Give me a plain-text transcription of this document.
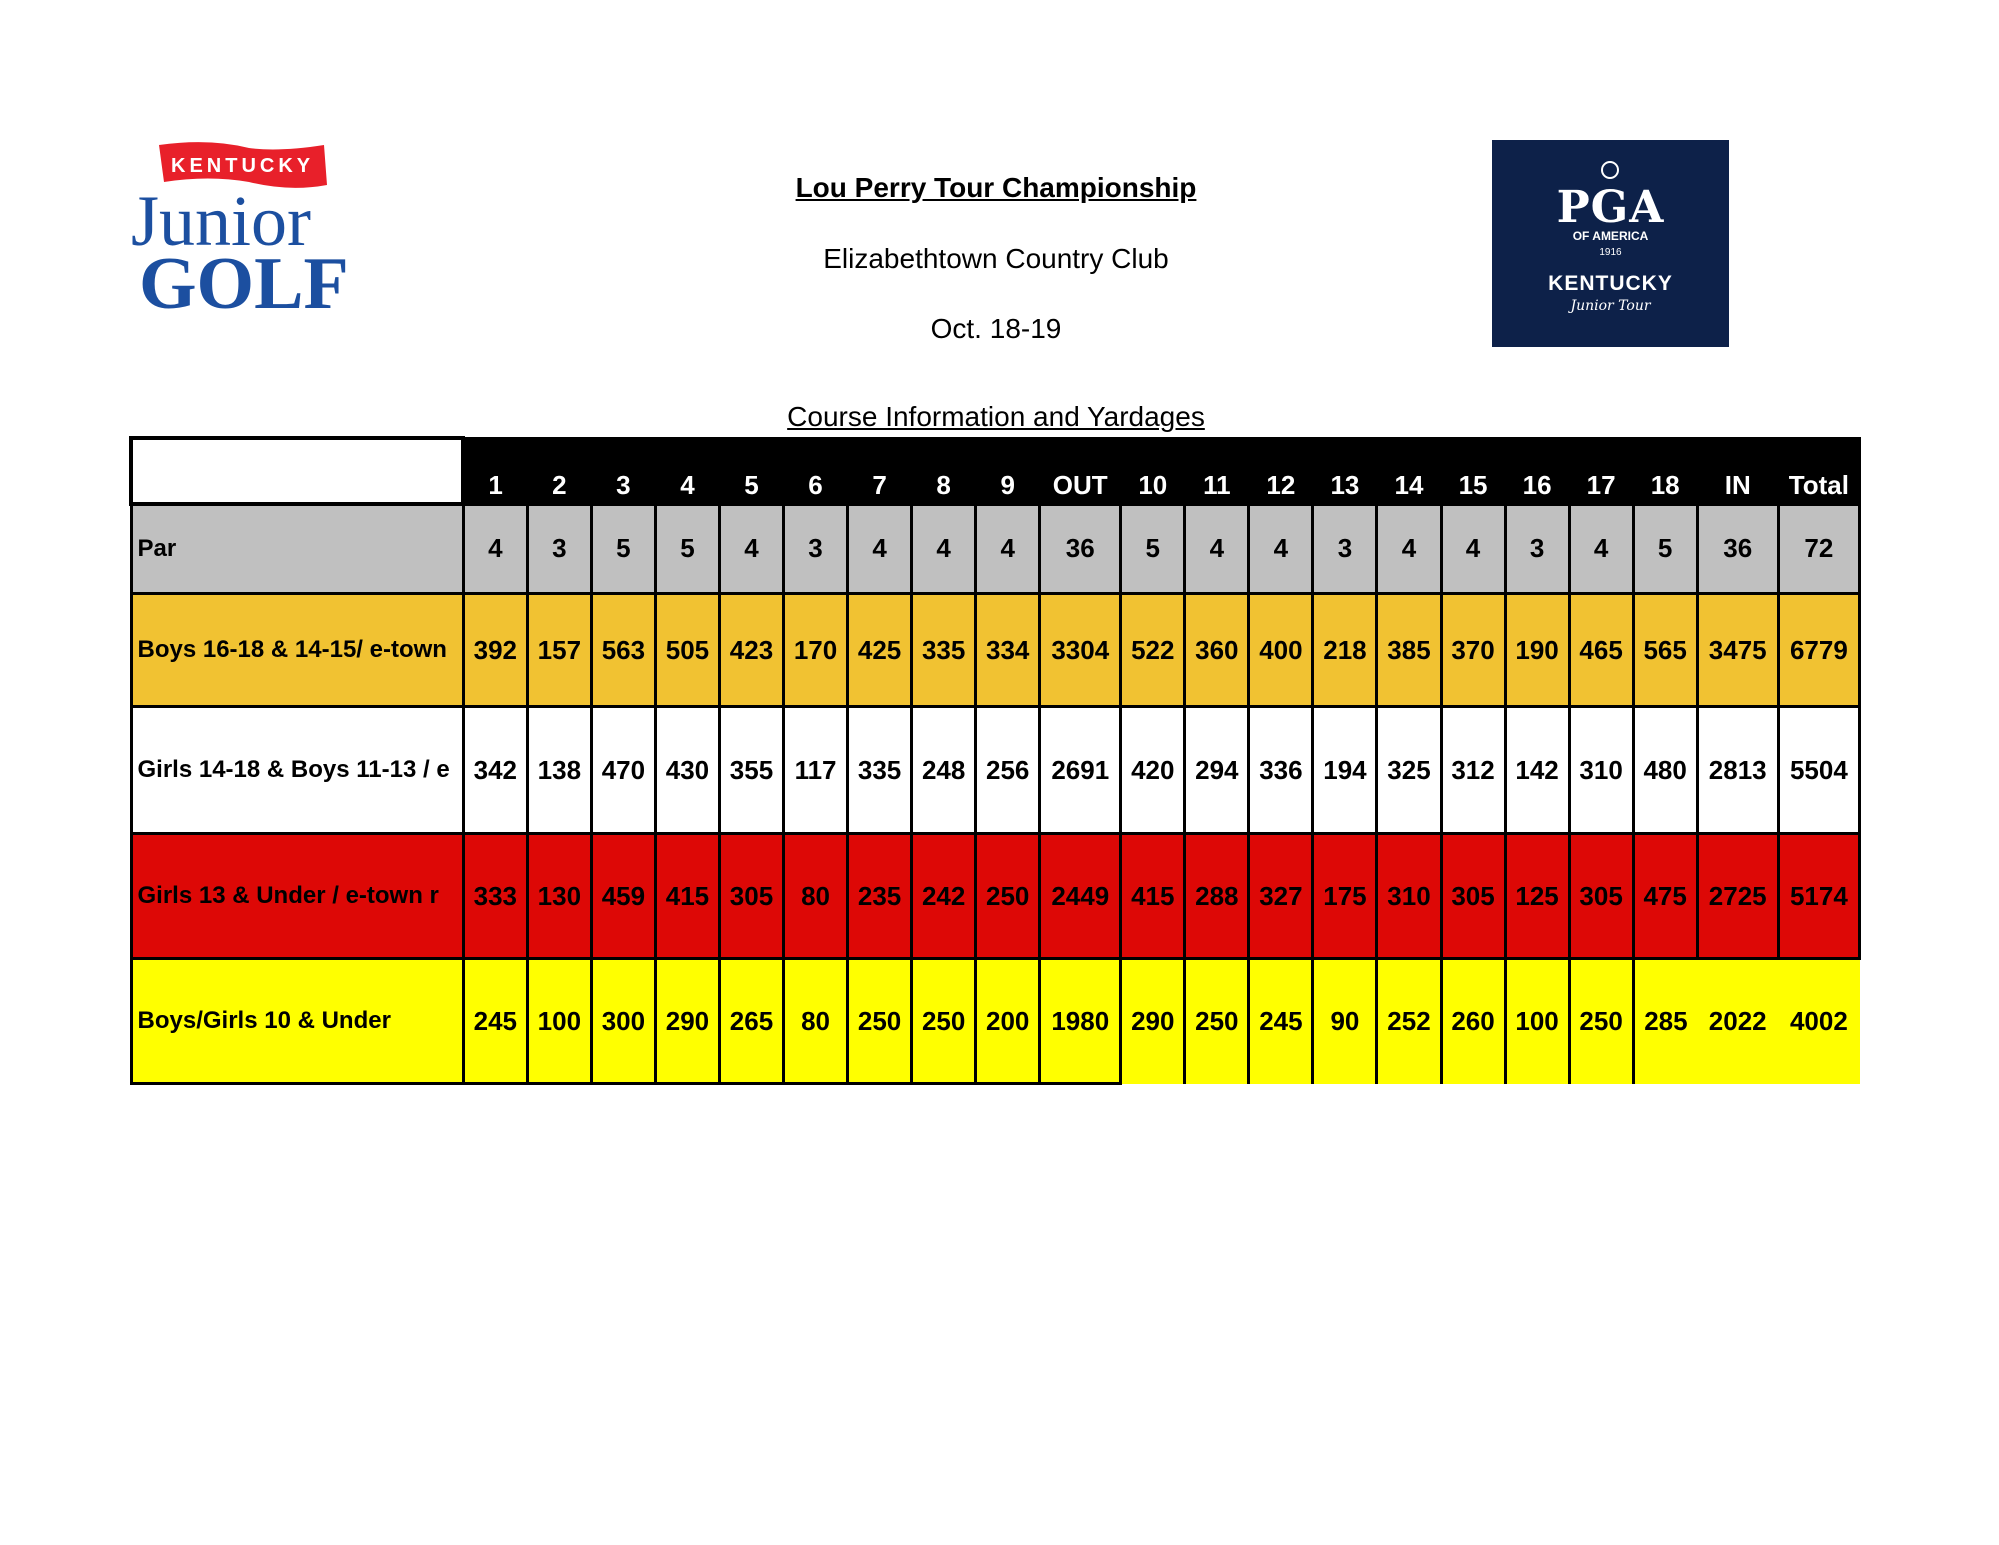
KENTUCKY
Junior
GOLF
PGA
OF AMERICA
1916
KENTUCKY
Junior Tour
Lou Perry Tour Championship
Elizabethtown Country Club
Oct. 18-19
Course Information and Yardages
	1	2	3	4	5	6	7	8	9	OUT	10	11	12	13	14	15	16	17	18	IN	Total
Par	4	3	5	5	4	3	4	4	4	36	5	4	4	3	4	4	3	4	5	36	72
Boys 16-18 & 14-15/ e-town	392	157	563	505	423	170	425	335	334	3304	522	360	400	218	385	370	190	465	565	3475	6779
Girls 14-18 & Boys 11-13 / e	342	138	470	430	355	117	335	248	256	2691	420	294	336	194	325	312	142	310	480	2813	5504
Girls 13 & Under / e-town r	333	130	459	415	305	80	235	242	250	2449	415	288	327	175	310	305	125	305	475	2725	5174
Boys/Girls 10 & Under	245	100	300	290	265	80	250	250	200	1980	290	250	245	90	252	260	100	250	285	2022	4002
